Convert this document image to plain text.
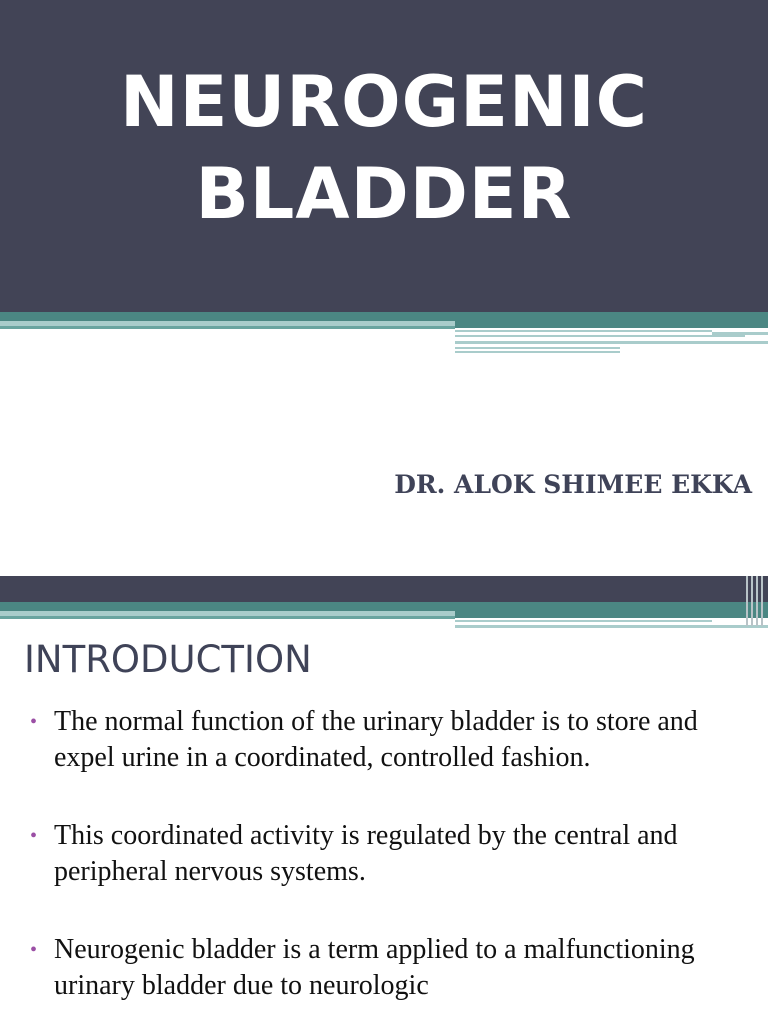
NEUROGENIC
BLADDER
DR. ALOK SHIMEE EKKA
INTRODUCTION
• The normal function of the urinary bladder is to store and expel urine in a coordinated, controlled fashion.
• This coordinated activity is regulated by the central and peripheral nervous systems.
• Neurogenic bladder is a term applied to a malfunctioning urinary bladder due to neurologic
